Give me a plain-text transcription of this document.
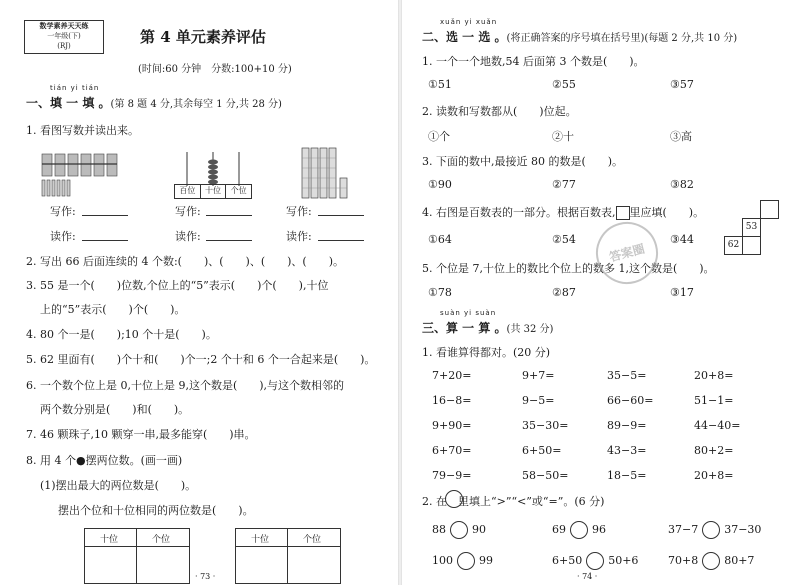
数学素养天天练
一年级(下)
(RJ)	第 4 单元素养评估
(时间:60 分钟　分数:100+10 分)
tián yi tián
一、填 一 填 。(第 8 题 4 分,其余每空 1 分,共 28 分)
1. 看图写数并读出来。
百位	十位	个位
写作:	写作:	写作:
读作:	读作:	读作:
2. 写出 66 后面连续的 4 个数:(　　)、(　　)、(　　)、(　　)。
3. 55 是一个(　　)位数,个位上的“5”表示(　　)个(　　),十位
上的“5”表示(　　)个(　　)。
4. 80 个一是(　　);10 个十是(　　)。
5. 62 里面有(　　)个十和(　　)个一;2 个十和 6 个一合起来是(　　)。
6. 一个数个位上是 0,十位上是 9,这个数是(　　),与这个数相邻的
两个数分别是(　　)和(　　)。
7. 46 颗珠子,10 颗穿一串,最多能穿(　　)串。
8. 用 4 个●摆两位数。(画一画)
(1)摆出最大的两位数是(　　)。
摆出个位和十位相同的两位数是(　　)。
十位	个位	十位	个位
· 73 ·
xuǎn yi xuǎn
二、选 一 选 。(将正确答案的序号填在括号里)(每题 2 分,共 10 分)
1. 一个一个地数,54 后面第 3 个数是(　　)。
①51	②55	③57
2. 读数和写数都从(　　)位起。
①个	②十	③高
3. 下面的数中,最接近 80 的数是(　　)。
①90	②77	③82
4. 右图是百数表的一部分。根据百数表, 里应填(　　)。
①64	②54	③44
53
62
5. 个位是 7,十位上的数比个位上的数多 1,这个数是(　　)。
①78	②87	③17
答案圈
suàn yi suàn
三、算 一 算 。(共 32 分)
1. 看谁算得都对。(20 分)
7+20=	9+7=	35−5=	20+8=
16−8=	9−5=	66−60=	51−1=
9+90=	35−30=	89−9=	44−40=
6+70=	6+50=	43−3=	80+2=
79−9=	58−50=	18−5=	20+8=
2. 在　里填上“>”“<”或“=”。(6 分)
88 90	69 96	37−7 37−30
100 99	6+50 50+6	70+8 80+7
· 74 ·
